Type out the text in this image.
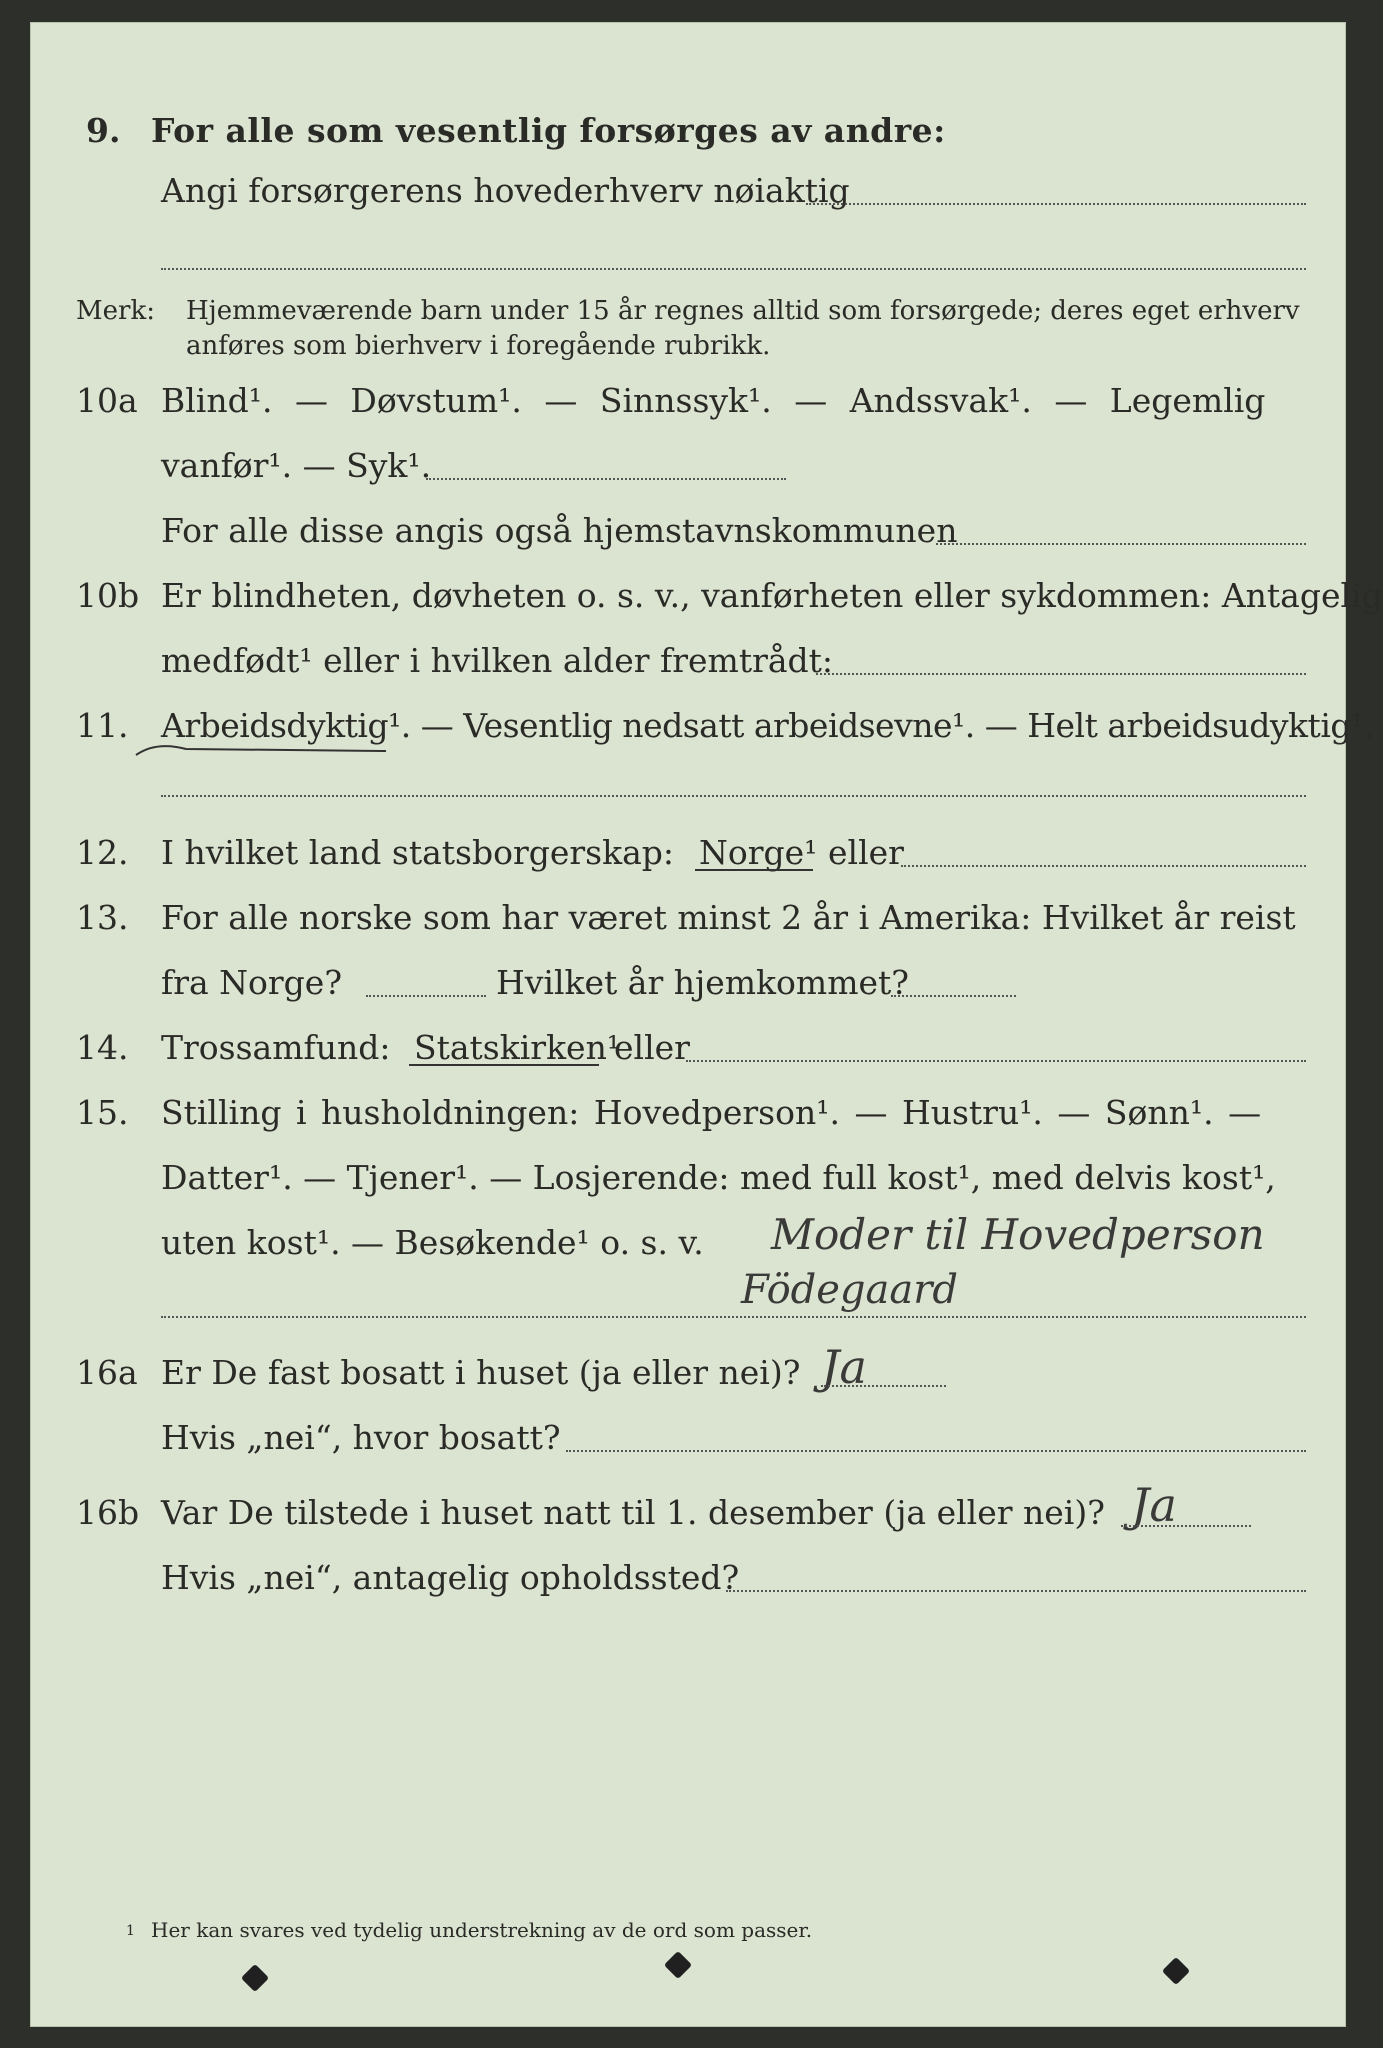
9. For alle som vesentlig forsørges av andre:
Angi forsørgerens hovederhverv nøiaktig
Merk: Hjemmeværende barn under 15 år regnes alltid som forsørgede; deres eget erhverv
anføres som bierhverv i foregående rubrikk.
10a Blind¹. — Døvstum¹. — Sinnssyk¹. — Andssvak¹. — Legemlig
vanfør¹. — Syk¹.
For alle disse angis også hjemstavnskommunen
10b Er blindheten, døvheten o. s. v., vanførheten eller sykdommen: Antagelig
medfødt¹ eller i hvilken alder fremtrådt:
11. Arbeidsdyktig¹. — Vesentlig nedsatt arbeidsevne¹. — Helt arbeidsudyktig¹.
12. I hvilket land statsborgerskap: Norge¹ eller
13. For alle norske som har været minst 2 år i Amerika: Hvilket år reist
fra Norge?	Hvilket år hjemkommet?
14. Trossamfund: Statskirken¹
eller
15. Stilling i husholdningen: Hovedperson¹. — Hustru¹. — Sønn¹. —
Datter¹. — Tjener¹. — Losjerende: med full kost¹, med delvis kost¹,
uten kost¹. — Besøkende¹ o. s. v. Moder til Hovedperson
Födegaard
16a Er De fast bosatt i huset (ja eller nei)? Ja
Hvis „nei“, hvor bosatt?
16b Var De tilstede i huset natt til 1. desember (ja eller nei)? Ja
Hvis „nei“, antagelig opholdssted?
1 Her kan svares ved tydelig understrekning av de ord som passer.
